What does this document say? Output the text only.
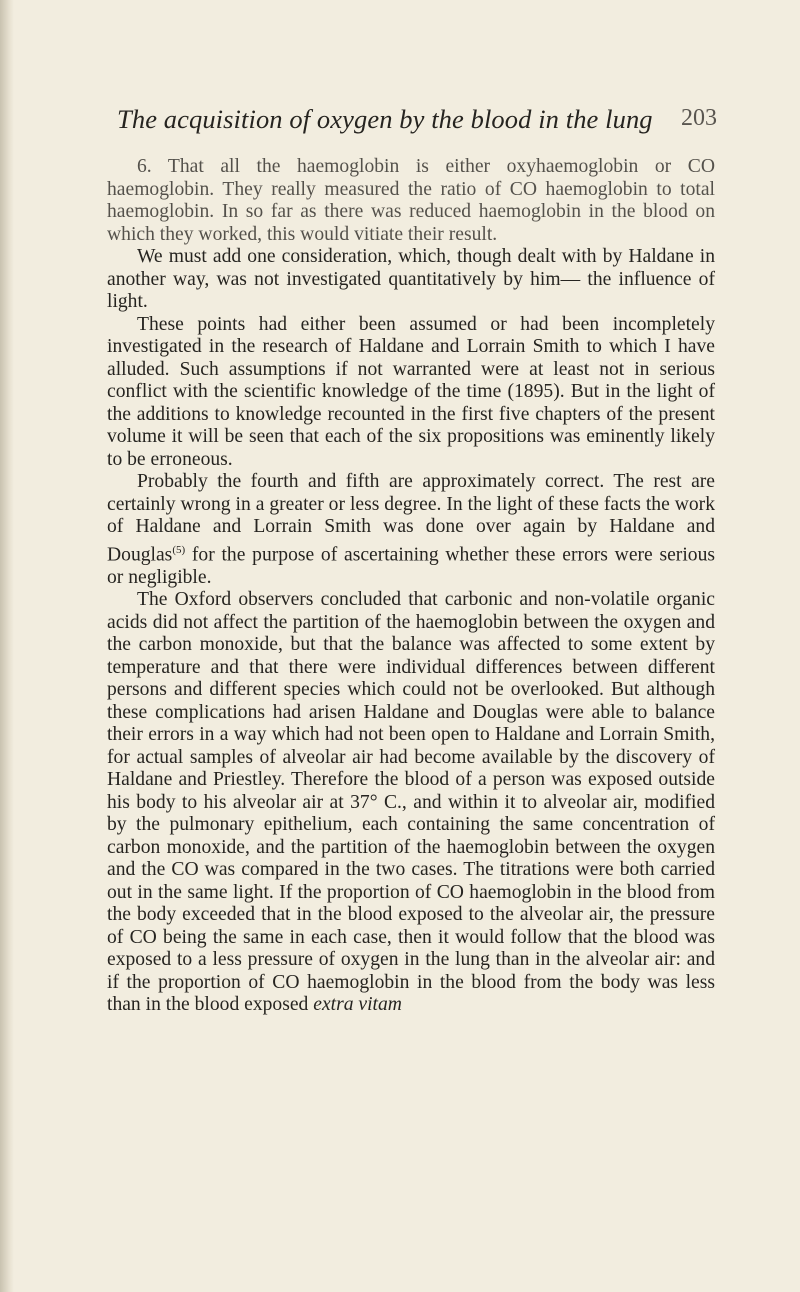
The acquisition of oxygen by the blood in the lung 203

6. That all the haemoglobin is either oxyhaemoglobin or CO haemoglobin. They really measured the ratio of CO haemoglobin to total haemoglobin. In so far as there was reduced haemoglobin in the blood on which they worked, this would vitiate their result.

We must add one consideration, which, though dealt with by Haldane in another way, was not investigated quantitatively by him— the influence of light.

These points had either been assumed or had been incompletely investigated in the research of Haldane and Lorrain Smith to which I have alluded. Such assumptions if not warranted were at least not in serious conflict with the scientific knowledge of the time (1895). But in the light of the additions to knowledge recounted in the first five chapters of the present volume it will be seen that each of the six propositions was eminently likely to be erroneous.

Probably the fourth and fifth are approximately correct. The rest are certainly wrong in a greater or less degree. In the light of these facts the work of Haldane and Lorrain Smith was done over again by Haldane and Douglas$^{(5)}$ for the purpose of ascertaining whether these errors were serious or negligible.

The Oxford observers concluded that carbonic and non-volatile organic acids did not affect the partition of the haemoglobin between the oxygen and the carbon monoxide, but that the balance was affected to some extent by temperature and that there were individual differences between different persons and different species which could not be overlooked. But although these complications had arisen Haldane and Douglas were able to balance their errors in a way which had not been open to Haldane and Lorrain Smith, for actual samples of alveolar air had become available by the discovery of Haldane and Priestley. Therefore the blood of a person was exposed outside his body to his alveolar air at 37° C., and within it to alveolar air, modified by the pulmonary epithelium, each containing the same concentration of carbon monoxide, and the partition of the haemoglobin between the oxygen and the CO was compared in the two cases. The titrations were both carried out in the same light. If the proportion of CO haemoglobin in the blood from the body exceeded that in the blood exposed to the alveolar air, the pressure of CO being the same in each case, then it would follow that the blood was exposed to a less pressure of oxygen in the lung than in the alveolar air: and if the proportion of CO haemoglobin in the blood from the body was less than in the blood exposed extra vitam
